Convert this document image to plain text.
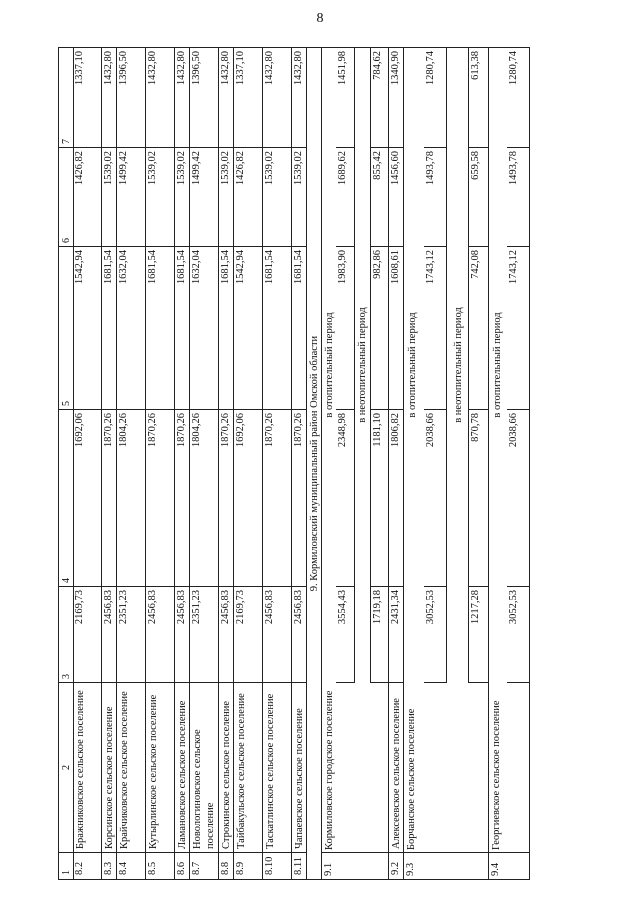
8
1
2
3
4
5
6
7
8.2
Бражниковское сельское поселение
2169,73
1692,06
1542,94
1426,82
1337,10
8.3
Корсинское сельское поселение
2456,83
1870,26
1681,54
1539,02
1432,80
8.4
Крайчиковское сельское поселение
2351,23
1804,26
1632,04
1499,42
1396,50
8.5
Кутырлинское сельское поселение
2456,83
1870,26
1681,54
1539,02
1432,80
8.6
Ламановское сельское поселение
2456,83
1870,26
1681,54
1539,02
1432,80
8.7
Новологиновское сельское поселение
2351,23
1804,26
1632,04
1499,42
1396,50
8.8
Строкинское сельское поселение
2456,83
1870,26
1681,54
1539,02
1432,80
8.9
Тайбакульское сельское поселение
2169,73
1692,06
1542,94
1426,82
1337,10
8.10
Таскатлинское сельское поселение
2456,83
1870,26
1681,54
1539,02
1432,80
8.11
Чапаевское сельское поселение
2456,83
1870,26
1681,54
1539,02
1432,80
9. Кормиловский муниципальный район Омской области
9.1
Кормиловское городское поселение
в отопительный период
3554,43
2348,98
1983,90
1689,62
1451,98
в неотопительный период
1719,18
1181,10
982,86
855,42
784,62
9.2
Алексеевское сельское поселение
2431,34
1806,82
1608,61
1456,60
1340,90
9.3
Борчанское сельское поселение
в отопительный период
3052,53
2038,66
1743,12
1493,78
1280,74
в неотопительный период
1217,28
870,78
742,08
659,58
613,38
9.4
Георгиевское сельское поселение
в отопительный период
3052,53
2038,66
1743,12
1493,78
1280,74
